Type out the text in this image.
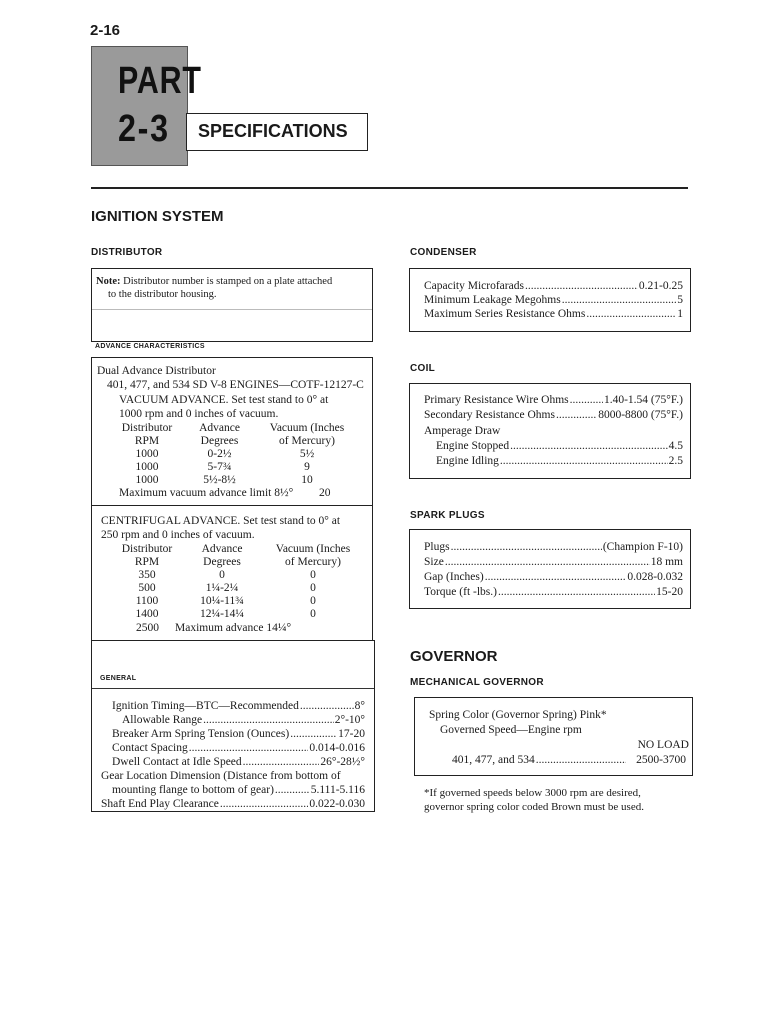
2-16
PART
2-3 SPECIFICATIONS
IGNITION SYSTEM
DISTRIBUTOR
Note: Distributor number is stamped on a plate attached
to the distributor housing.
ADVANCE CHARACTERISTICS
Dual Advance Distributor
401, 477, and 534 SD V-8 ENGINES—COTF-12127-C
VACUUM ADVANCE. Set test stand to 0° at
1000 rpm and 0 inches of vacuum.
Distributor	Advance	Vacuum (Inches
RPM	Degrees	of Mercury)
1000	0-2½	5½
1000	5-7¾	9
1000	5½-8½	10
Maximum vacuum advance limit 8½° 20
CENTRIFUGAL ADVANCE. Set test stand to 0° at
250 rpm and 0 inches of vacuum.
Distributor	Advance	Vacuum (Inches
RPM	Degrees	of Mercury)
350	0	0
500	1¼-2¼	0
1100	10¼-11¾	0
1400	12¼-14¼	0
2500 Maximum advance 14¼°
GENERAL
Ignition Timing—BTC—Recommended .....	8°
Allowable Range .....	2°-10°
Breaker Arm Spring Tension (Ounces) .....	17-20
Contact Spacing .....	0.014-0.016
Dwell Contact at Idle Speed .....	26°-28½°
Gear Location Dimension (Distance from bottom of
mounting flange to bottom of gear) .....	5.111-5.116
Shaft End Play Clearance .....	0.022-0.030
CONDENSER
Capacity Microfarads .....	0.21-0.25
Minimum Leakage Megohms .....	5
Maximum Series Resistance Ohms .....	1
COIL
Primary Resistance Wire Ohms .....	1.40-1.54 (75°F.)
Secondary Resistance Ohms .....	8000-8800 (75°F.)
Amperage Draw
Engine Stopped .....	4.5
Engine Idling .....	2.5
SPARK PLUGS
Plugs .....	(Champion F-10)
Size .....	18 mm
Gap (Inches) .....	0.028-0.032
Torque (ft -lbs.) .....	15-20
GOVERNOR
MECHANICAL GOVERNOR
Spring Color (Governor Spring) Pink*
Governed Speed—Engine rpm
NO LOAD
401, 477, and 534 .....	2500-3700
*If governed speeds below 3000 rpm are desired,
governor spring color coded Brown must be used.
